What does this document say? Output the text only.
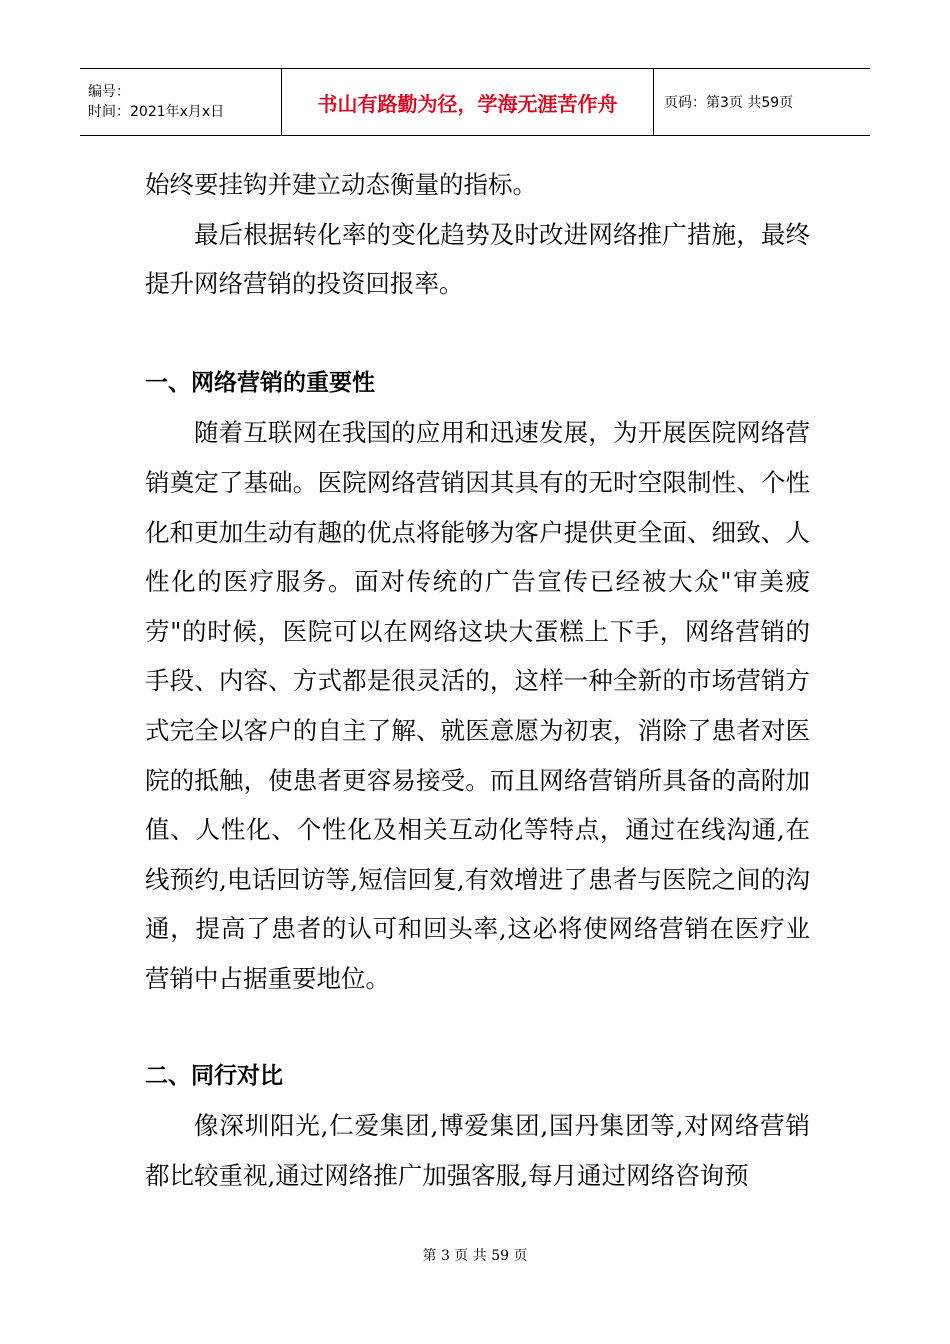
编号：
时间：2021年x月x日	书山有路勤为径，学海无涯苦作舟	页码：第3页 共59页

始终要挂钩并建立动态衡量的指标。

最后根据转化率的变化趋势及时改进网络推广措施，最终提升网络营销的投资回报率。

一、网络营销的重要性

随着互联网在我国的应用和迅速发展，为开展医院网络营销奠定了基础。医院网络营销因其具有的无时空限制性、个性化和更加生动有趣的优点将能够为客户提供更全面、细致、人性化的医疗服务。面对传统的广告宣传已经被大众"审美疲劳"的时候，医院可以在网络这块大蛋糕上下手，网络营销的手段、内容、方式都是很灵活的，这样一种全新的市场营销方式完全以客户的自主了解、就医意愿为初衷，消除了患者对医院的抵触，使患者更容易接受。而且网络营销所具备的高附加值、人性化、个性化及相关互动化等特点，通过在线沟通,在线预约,电话回访等,短信回复,有效增进了患者与医院之间的沟通，提高了患者的认可和回头率,这必将使网络营销在医疗业营销中占据重要地位。

二、同行对比

像深圳阳光,仁爱集团,博爱集团,国丹集团等,对网络营销都比较重视,通过网络推广加强客服,每月通过网络咨询预

第 3 页 共 59 页
